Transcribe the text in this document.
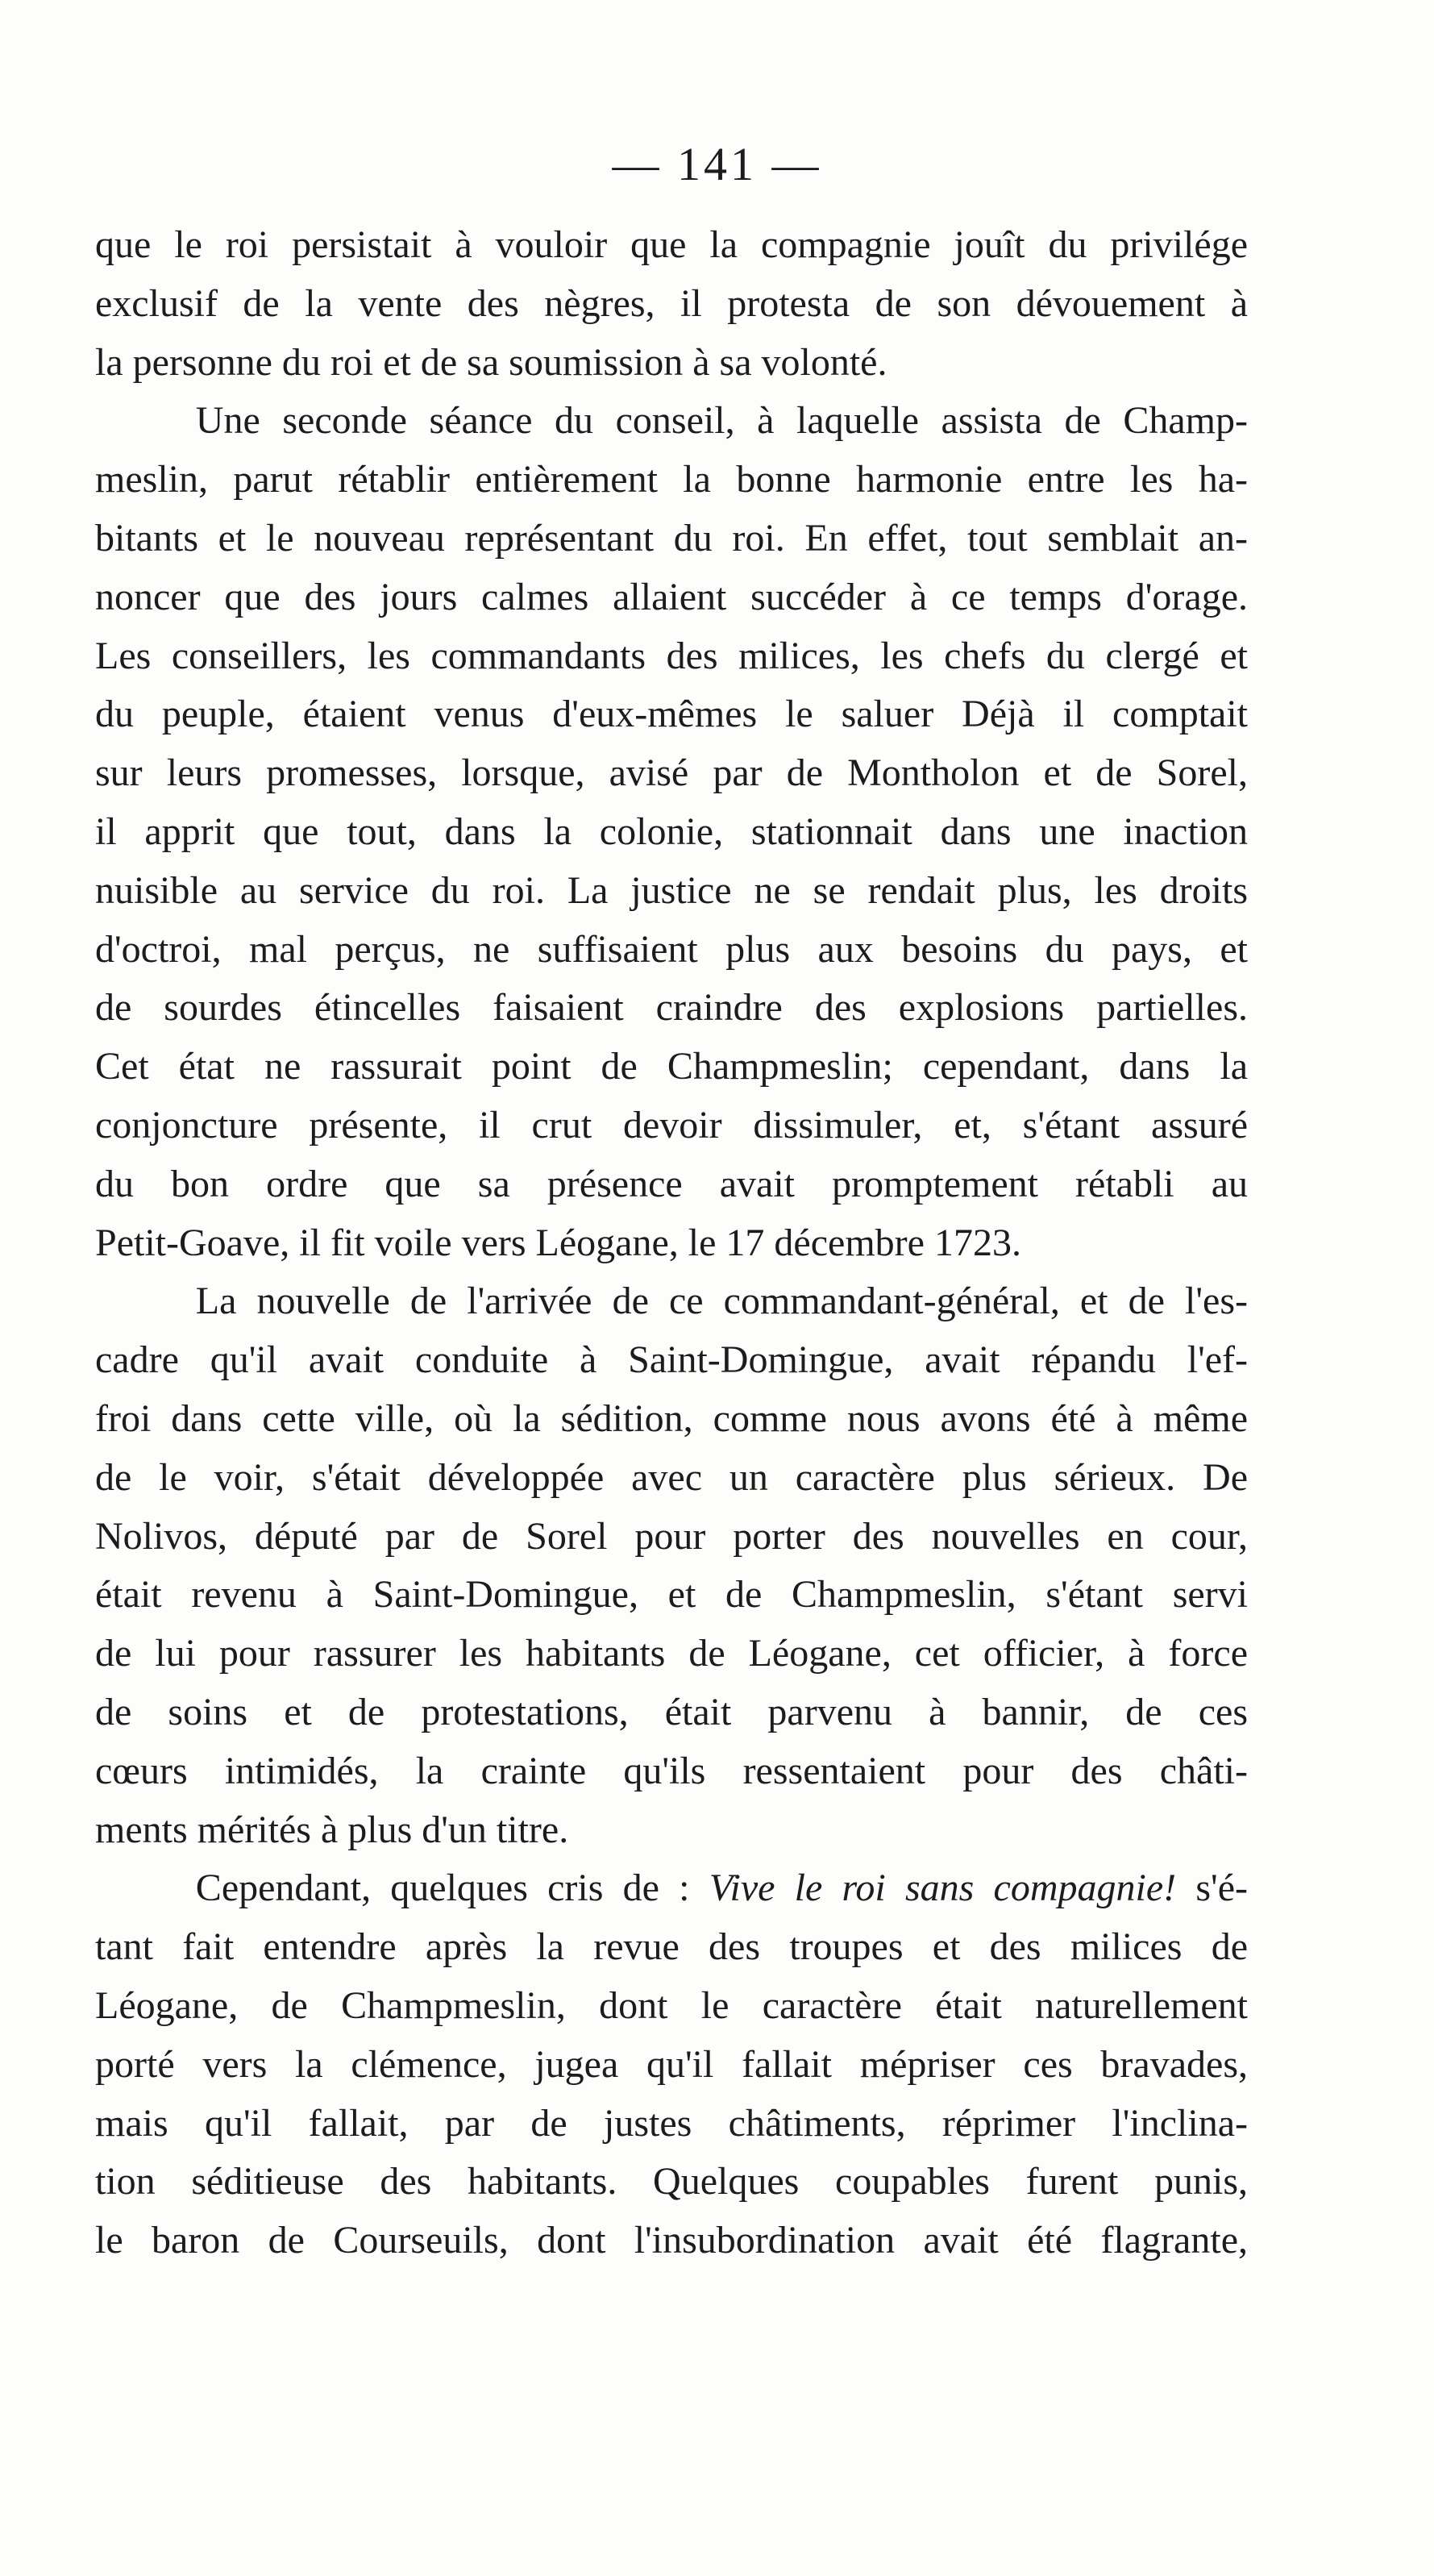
— 141 —
que le roi persistait à vouloir que la compagnie jouît du privilége
exclusif de la vente des nègres, il protesta de son dévouement à
la personne du roi et de sa soumission à sa volonté.
Une seconde séance du conseil, à laquelle assista de Champ-
meslin, parut rétablir entièrement la bonne harmonie entre les ha-
bitants et le nouveau représentant du roi. En effet, tout semblait an-
noncer que des jours calmes allaient succéder à ce temps d'orage.
Les conseillers, les commandants des milices, les chefs du clergé et
du peuple, étaient venus d'eux-mêmes le saluer Déjà il comptait
sur leurs promesses, lorsque, avisé par de Montholon et de Sorel,
il apprit que tout, dans la colonie, stationnait dans une inaction
nuisible au service du roi. La justice ne se rendait plus, les droits
d'octroi, mal perçus, ne suffisaient plus aux besoins du pays, et
de sourdes étincelles faisaient craindre des explosions partielles.
Cet état ne rassurait point de Champmeslin; cependant, dans la
conjoncture présente, il crut devoir dissimuler, et, s'étant assuré
du bon ordre que sa présence avait promptement rétabli au
Petit-Goave, il fit voile vers Léogane, le 17 décembre 1723.
La nouvelle de l'arrivée de ce commandant-général, et de l'es-
cadre qu'il avait conduite à Saint-Domingue, avait répandu l'ef-
froi dans cette ville, où la sédition, comme nous avons été à même
de le voir, s'était développée avec un caractère plus sérieux. De
Nolivos, député par de Sorel pour porter des nouvelles en cour,
était revenu à Saint-Domingue, et de Champmeslin, s'étant servi
de lui pour rassurer les habitants de Léogane, cet officier, à force
de soins et de protestations, était parvenu à bannir, de ces
cœurs intimidés, la crainte qu'ils ressentaient pour des châti-
ments mérités à plus d'un titre.
Cependant, quelques cris de : Vive le roi sans compagnie! s'é-
tant fait entendre après la revue des troupes et des milices de
Léogane, de Champmeslin, dont le caractère était naturellement
porté vers la clémence, jugea qu'il fallait mépriser ces bravades,
mais qu'il fallait, par de justes châtiments, réprimer l'inclina-
tion séditieuse des habitants. Quelques coupables furent punis,
le baron de Courseuils, dont l'insubordination avait été flagrante,
